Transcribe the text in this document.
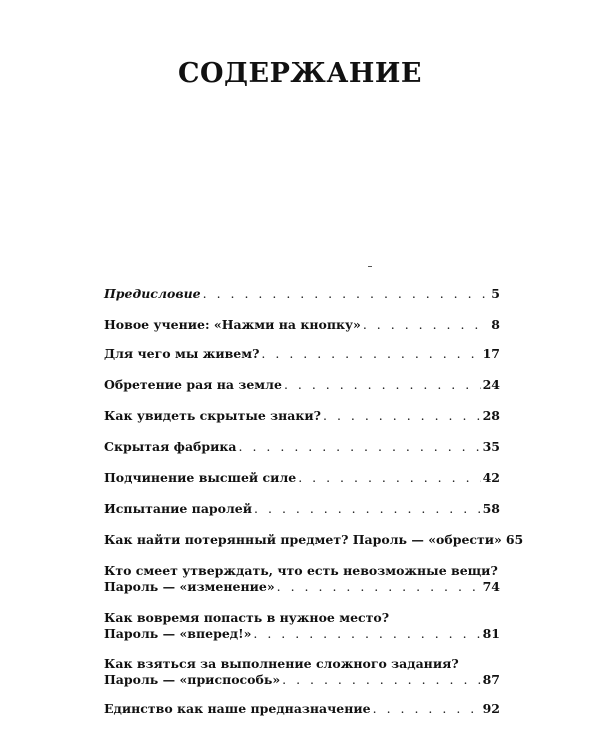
СОДЕРЖАНИЕ
Предисловие . . .	5
Новое учение: «Нажми на кнопку» . . .	8
Для чего мы живем? . . .	17
Обретение рая на земле . . .	24
Как увидеть скрытые знаки? . . .	28
Скрытая фабрика . . .	35
Подчинение высшей силе . . .	42
Испытание паролей . . .	58
Как найти потерянный предмет? Пароль — «обрести» 65
Кто смеет утверждать, что есть невозможные вещи?
Пароль — «изменение» . . .	74
Как вовремя попасть в нужное место?
Пароль — «вперед!» . . .	81
Как взяться за выполнение сложного задания?
Пароль — «приспособь» . . .	87
Единство как наше предназначение . . .	92
